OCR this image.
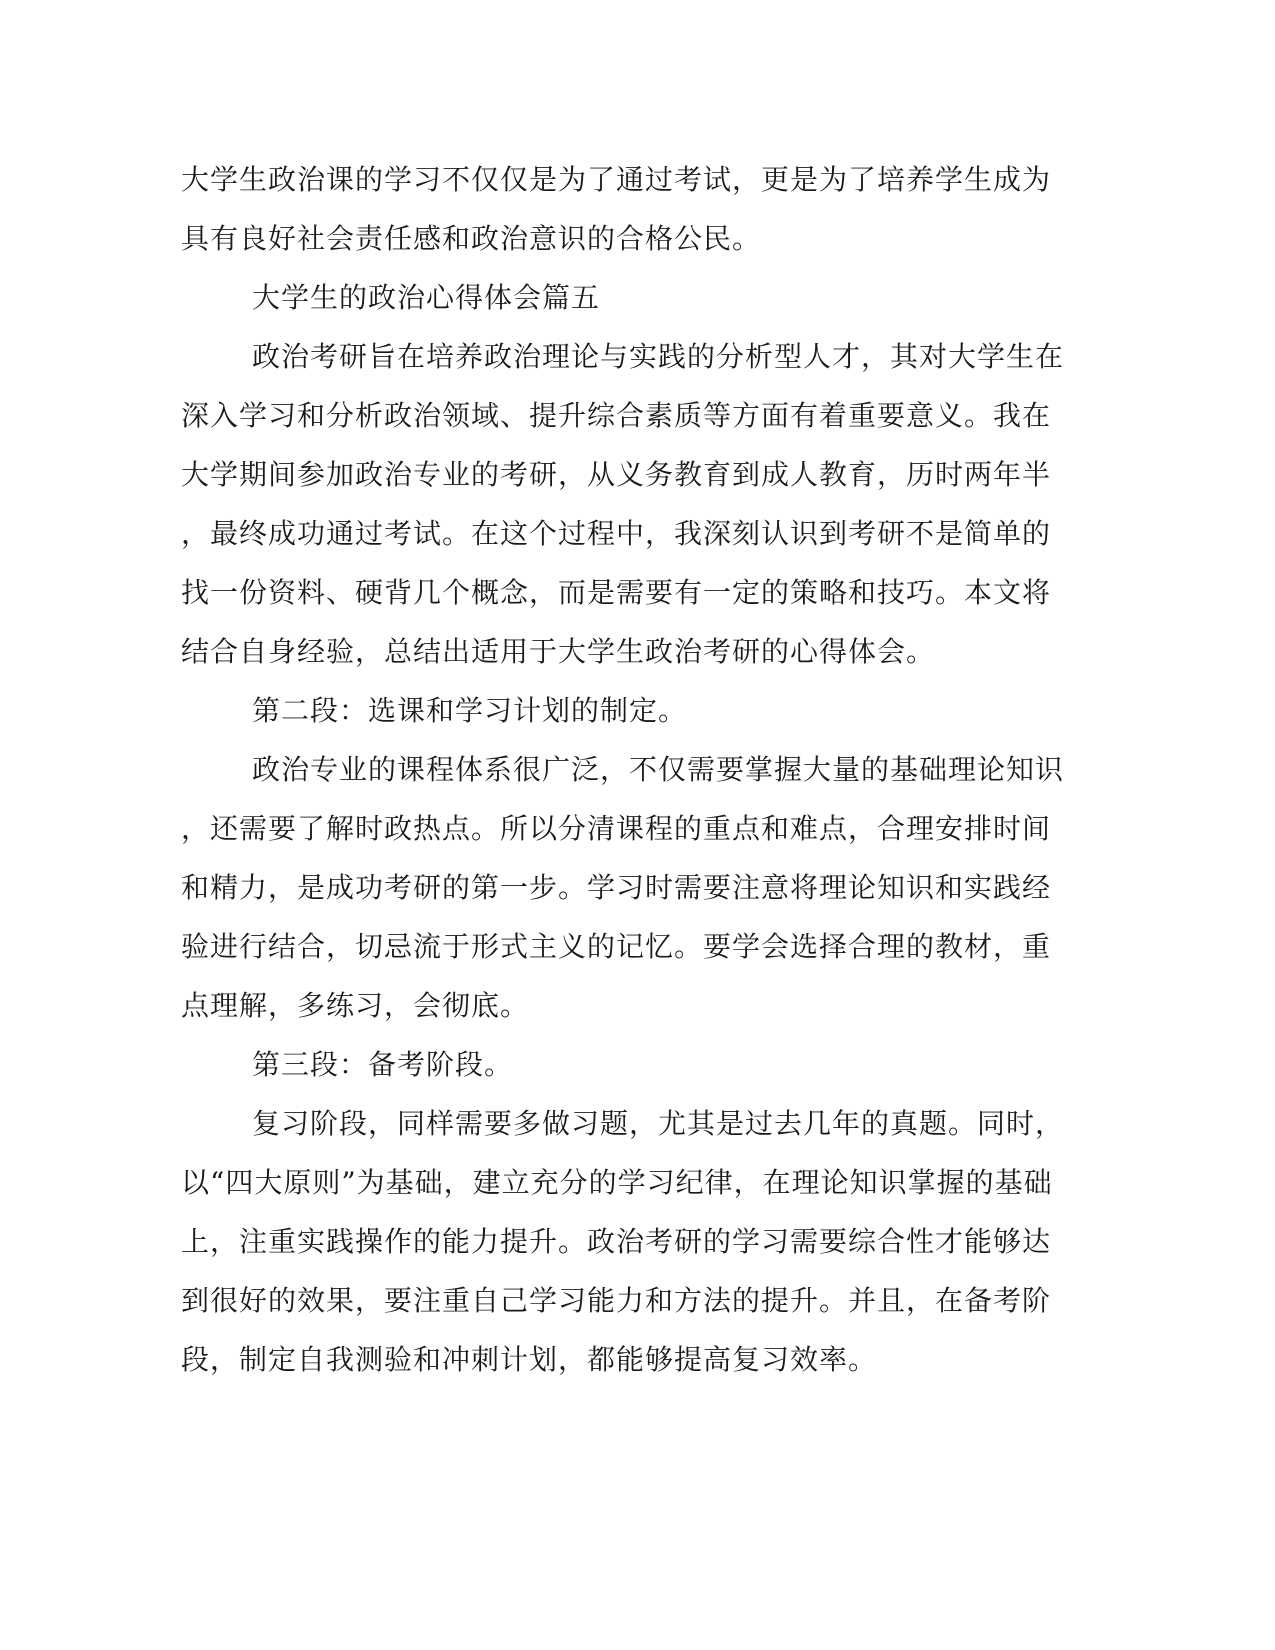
大学生政治课的学习不仅仅是为了通过考试，更是为了培养学生成为
具有良好社会责任感和政治意识的合格公民。
大学生的政治心得体会篇五
政治考研旨在培养政治理论与实践的分析型人才，其对大学生在
深入学习和分析政治领域、提升综合素质等方面有着重要意义。我在
大学期间参加政治专业的考研，从义务教育到成人教育，历时两年半
，最终成功通过考试。在这个过程中，我深刻认识到考研不是简单的
找一份资料、硬背几个概念，而是需要有一定的策略和技巧。本文将
结合自身经验，总结出适用于大学生政治考研的心得体会。
第二段：选课和学习计划的制定。
政治专业的课程体系很广泛，不仅需要掌握大量的基础理论知识
，还需要了解时政热点。所以分清课程的重点和难点，合理安排时间
和精力，是成功考研的第一步。学习时需要注意将理论知识和实践经
验进行结合，切忌流于形式主义的记忆。要学会选择合理的教材，重
点理解，多练习，会彻底。
第三段：备考阶段。
复习阶段，同样需要多做习题，尤其是过去几年的真题。同时，
以“四大原则”为基础，建立充分的学习纪律，在理论知识掌握的基础
上，注重实践操作的能力提升。政治考研的学习需要综合性才能够达
到很好的效果，要注重自己学习能力和方法的提升。并且，在备考阶
段，制定自我测验和冲刺计划，都能够提高复习效率。
